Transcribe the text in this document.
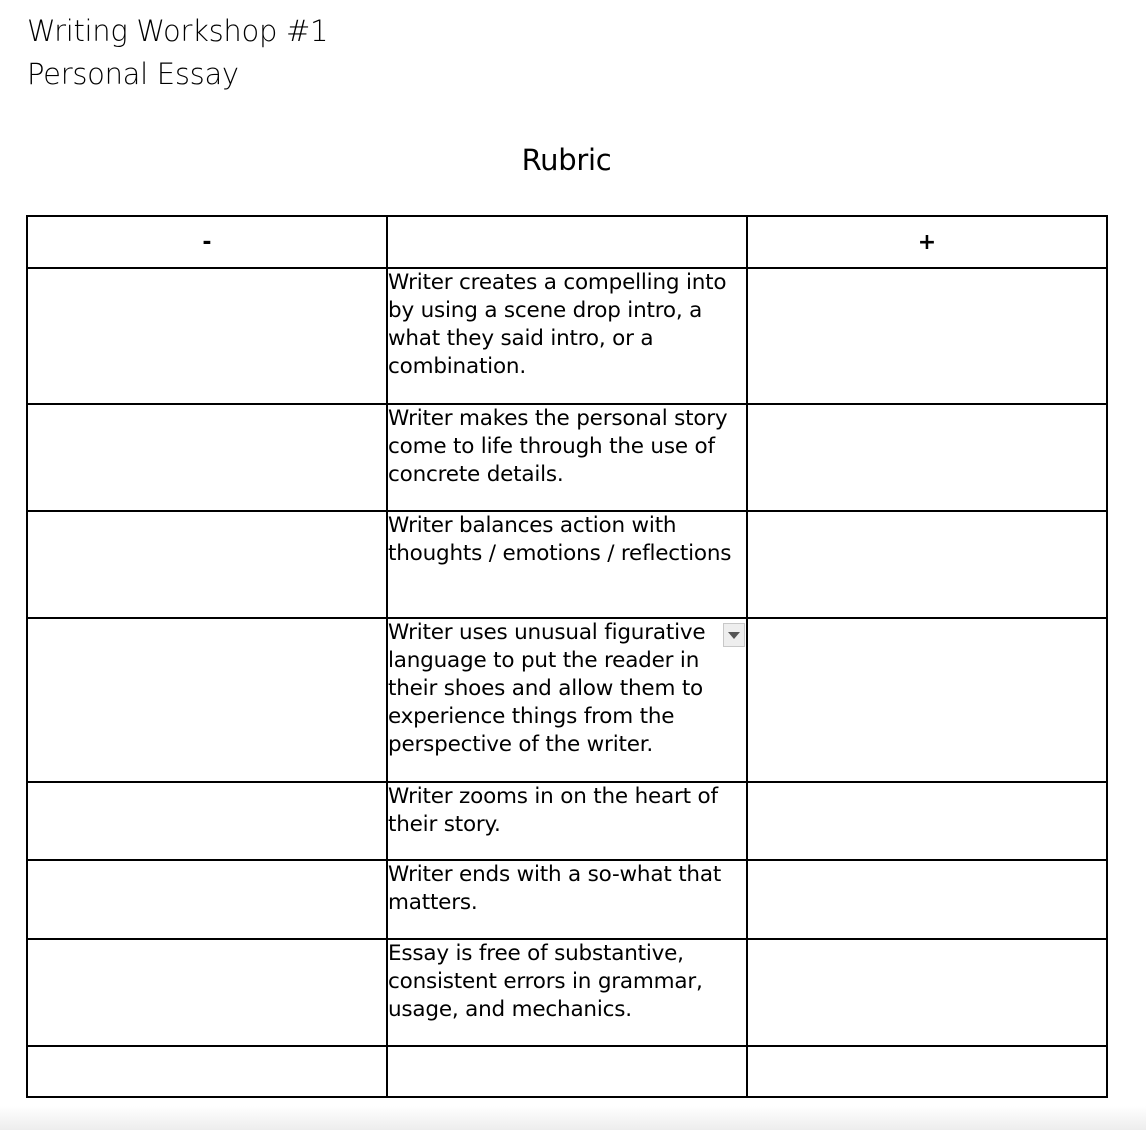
Writing Workshop #1
Personal Essay
Rubric
-		+
	Writer creates a compelling into by using a scene drop intro, a what they said intro, or a combination.	
	Writer makes the personal story come to life through the use of concrete details.	
	Writer balances action with thoughts / emotions / reflections	
	Writer uses unusual figurative language to put the reader in their shoes and allow them to experience things from the perspective of the writer.

	Writer zooms in on the heart of their story.	
	Writer ends with a so-what that matters.	
	Essay is free of substantive, consistent errors in grammar, usage, and mechanics.	
